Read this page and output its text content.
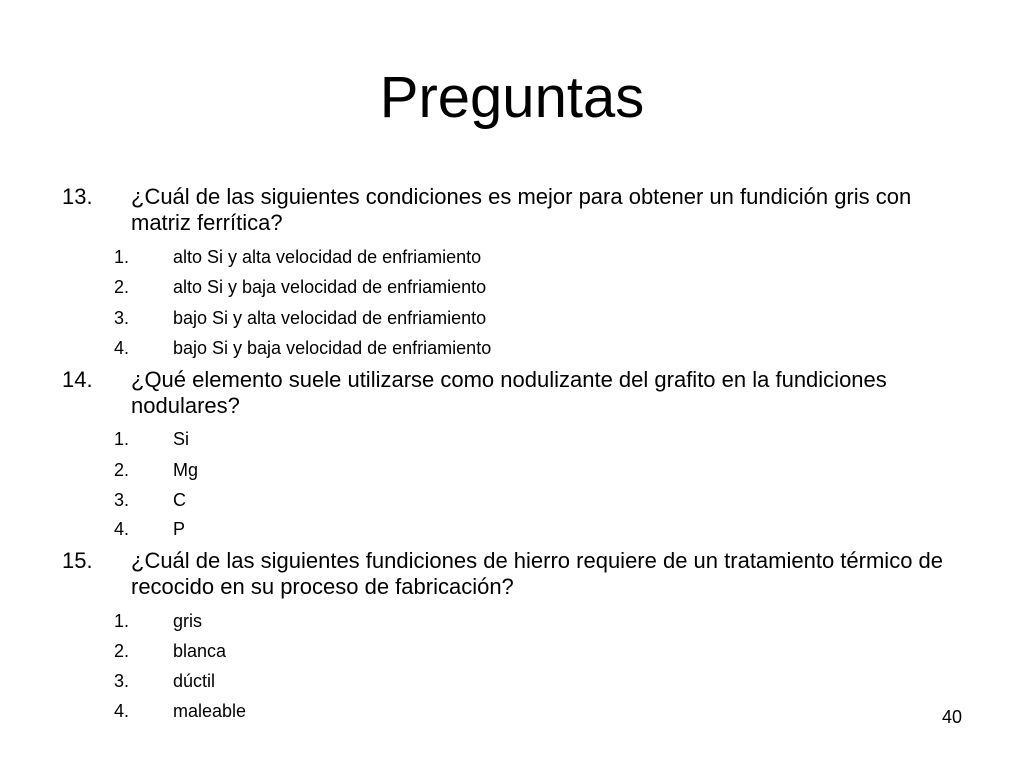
Preguntas
13. ¿Cuál de las siguientes condiciones es mejor para obtener un fundición gris con matriz ferrítica?
1. alto Si y alta velocidad de enfriamiento
2. alto Si y baja velocidad de enfriamiento
3. bajo Si y alta velocidad de enfriamiento
4. bajo Si y baja velocidad de enfriamiento
14. ¿Qué elemento suele utilizarse como nodulizante del grafito en la fundiciones nodulares?
1. Si
2. Mg
3. C
4. P
15. ¿Cuál de las siguientes fundiciones de hierro requiere de un tratamiento térmico de recocido en su proceso de fabricación?
1. gris
2. blanca
3. dúctil
4. maleable	40
